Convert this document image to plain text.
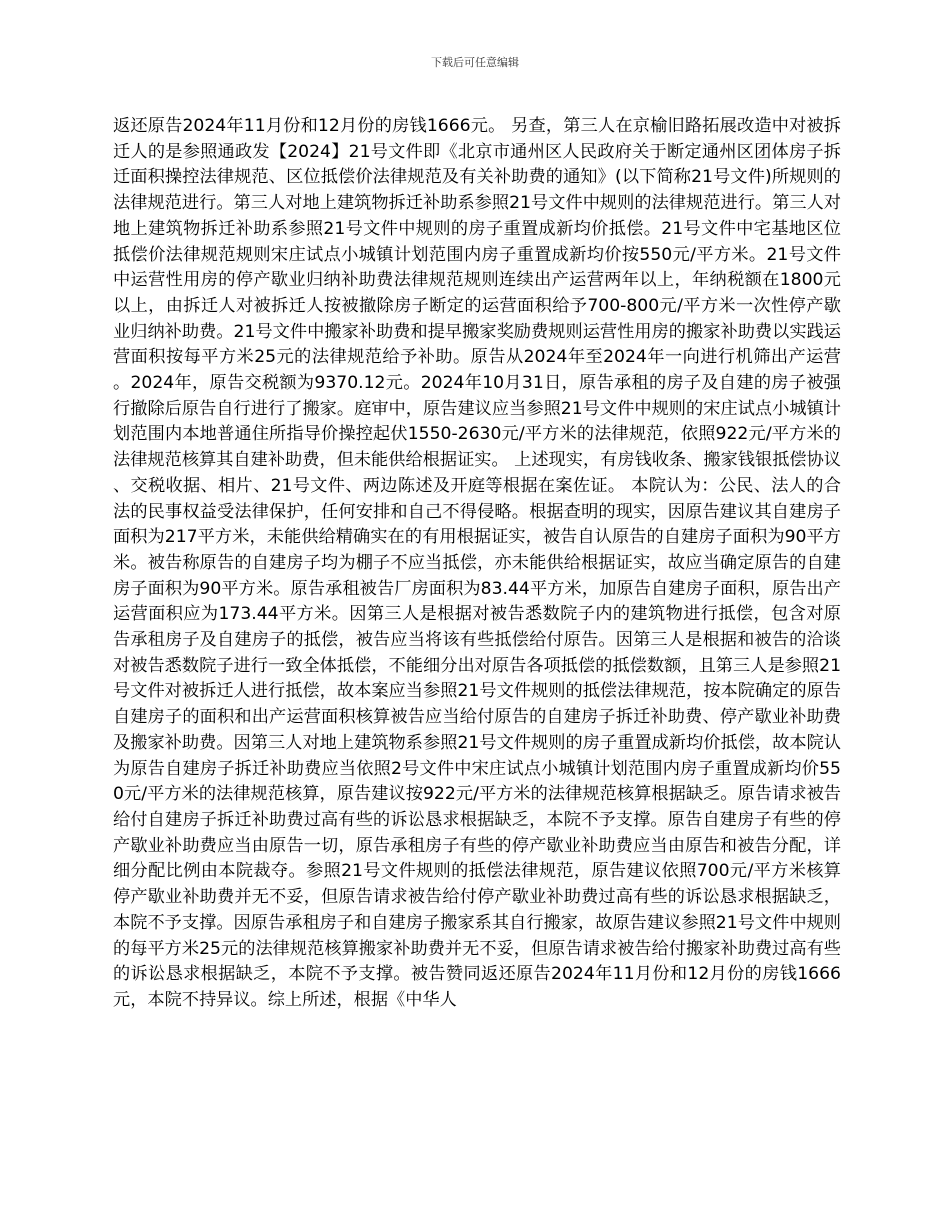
下载后可任意编辑

返还原告2024年11月份和12月份的房钱1666元。 另查，第三人在京榆旧路拓展改造中对被拆迁人的是参照通政发【2024】21号文件即《北京市通州区人民政府关于断定通州区团体房子拆迁面积操控法律规范、区位抵偿价法律规范及有关补助费的通知》(以下简称21号文件)所规则的法律规范进行。第三人对地上建筑物拆迁补助系参照21号文件中规则的法律规范进行。第三人对地上建筑物拆迁补助系参照21号文件中规则的房子重置成新均价抵偿。21号文件中宅基地区位抵偿价法律规范规则宋庄试点小城镇计划范围内房子重置成新均价按550元/平方米。21号文件中运营性用房的停产歇业归纳补助费法律规范规则连续出产运营两年以上，年纳税额在1800元以上，由拆迁人对被拆迁人按被撤除房子断定的运营面积给予700-800元/平方米一次性停产歇业归纳补助费。21号文件中搬家补助费和提早搬家奖励费规则运营性用房的搬家补助费以实践运营面积按每平方米25元的法律规范给予补助。原告从2024年至2024年一向进行机筛出产运营。2024年，原告交税额为9370.12元。2024年10月31日，原告承租的房子及自建的房子被强行撤除后原告自行进行了搬家。庭审中，原告建议应当参照21号文件中规则的宋庄试点小城镇计划范围内本地普通住所指导价操控起伏1550-2630元/平方米的法律规范，依照922元/平方米的法律规范核算其自建补助费，但未能供给根据证实。 上述现实，有房钱收条、搬家钱银抵偿协议、交税收据、相片、21号文件、两边陈述及开庭等根据在案佐证。 本院认为：公民、法人的合法的民事权益受法律保护，任何安排和自己不得侵略。根据查明的现实，因原告建议其自建房子面积为217平方米，未能供给精确实在的有用根据证实，被告自认原告的自建房子面积为90平方米。被告称原告的自建房子均为棚子不应当抵偿，亦未能供给根据证实，故应当确定原告的自建房子面积为90平方米。原告承租被告厂房面积为83.44平方米，加原告自建房子面积，原告出产运营面积应为173.44平方米。因第三人是根据对被告悉数院子内的建筑物进行抵偿，包含对原告承租房子及自建房子的抵偿，被告应当将该有些抵偿给付原告。因第三人是根据和被告的洽谈对被告悉数院子进行一致全体抵偿，不能细分出对原告各项抵偿的抵偿数额，且第三人是参照21号文件对被拆迁人进行抵偿，故本案应当参照21号文件规则的抵偿法律规范，按本院确定的原告自建房子的面积和出产运营面积核算被告应当给付原告的自建房子拆迁补助费、停产歇业补助费及搬家补助费。因第三人对地上建筑物系参照21号文件规则的房子重置成新均价抵偿，故本院认为原告自建房子拆迁补助费应当依照2号文件中宋庄试点小城镇计划范围内房子重置成新均价550元/平方米的法律规范核算，原告建议按922元/平方米的法律规范核算根据缺乏。原告请求被告给付自建房子拆迁补助费过高有些的诉讼恳求根据缺乏，本院不予支撑。原告自建房子有些的停产歇业补助费应当由原告一切，原告承租房子有些的停产歇业补助费应当由原告和被告分配，详细分配比例由本院裁夺。参照21号文件规则的抵偿法律规范，原告建议依照700元/平方米核算停产歇业补助费并无不妥，但原告请求被告给付停产歇业补助费过高有些的诉讼恳求根据缺乏，本院不予支撑。因原告承租房子和自建房子搬家系其自行搬家，故原告建议参照21号文件中规则的每平方米25元的法律规范核算搬家补助费并无不妥，但原告请求被告给付搬家补助费过高有些的诉讼恳求根据缺乏，本院不予支撑。被告赞同返还原告2024年11月份和12月份的房钱1666元，本院不持异议。综上所述，根据《中华人
